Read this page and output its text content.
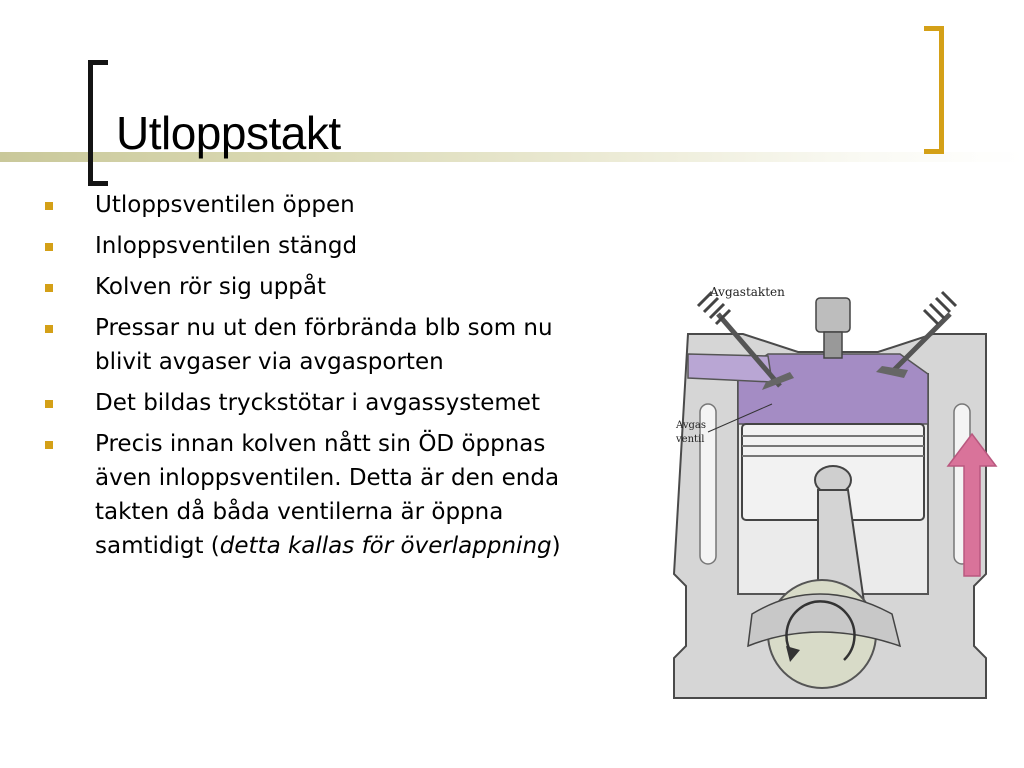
Utloppstakt
Utloppsventilen öppen
Inloppsventilen stängd
Kolven rör sig uppåt
Pressar nu ut den förbrända blb som nu blivit avgaser via avgasporten
Det bildas tryckstötar i avgassystemet
Precis innan kolven nått sin ÖD öppnas även inloppsventilen. Detta är den enda takten då båda ventilerna är öppna samtidigt (detta kallas för överlappning)
Avgastakten
Avgas
ventil
